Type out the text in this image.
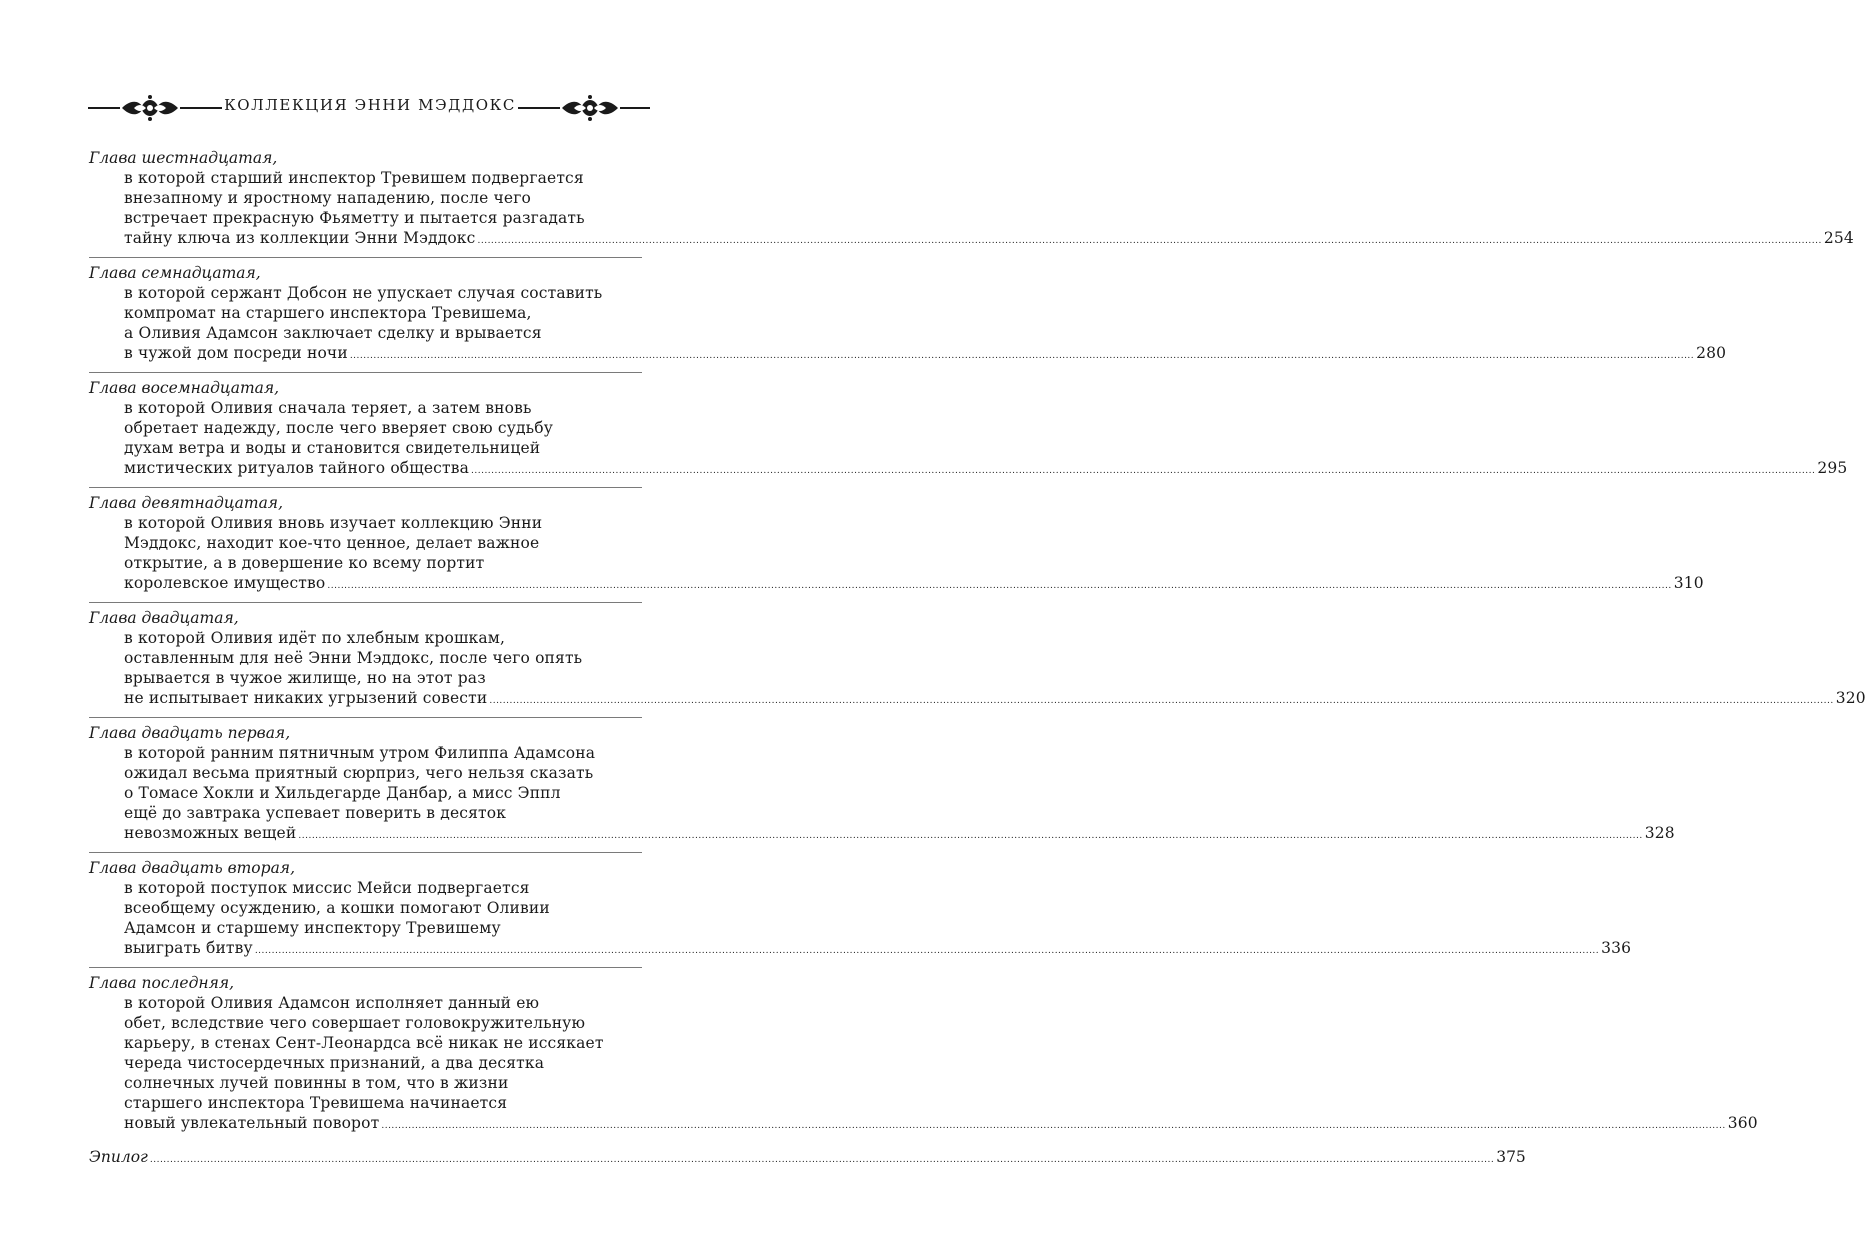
КОЛЛЕКЦИЯ ЭННИ МЭДДОКС
Глава шестнадцатая,
в которой старший инспектор Тревишем подвергается
внезапному и яростному нападению, после чего
встречает прекрасную Фьяметту и пытается разгадать
тайну ключа из коллекции Энни Мэддокс ................................................................................................................................................................................................................................................................................................................................................................................................................ 254
Глава семнадцатая,
в которой сержант Добсон не упускает случая составить
компромат на старшего инспектора Тревишема,
а Оливия Адамсон заключает сделку и врывается
в чужой дом посреди ночи ................................................................................................................................................................................................................................................................................................................................................................................................................ 280
Глава восемнадцатая,
в которой Оливия сначала теряет, а затем вновь
обретает надежду, после чего вверяет свою судьбу
духам ветра и воды и становится свидетельницей
мистических ритуалов тайного общества ................................................................................................................................................................................................................................................................................................................................................................................................................ 295
Глава девятнадцатая,
в которой Оливия вновь изучает коллекцию Энни
Мэддокс, находит кое-что ценное, делает важное
открытие, а в довершение ко всему портит
королевское имущество ................................................................................................................................................................................................................................................................................................................................................................................................................ 310
Глава двадцатая,
в которой Оливия идёт по хлебным крошкам,
оставленным для неё Энни Мэддокс, после чего опять
врывается в чужое жилище, но на этот раз
не испытывает никаких угрызений совести ................................................................................................................................................................................................................................................................................................................................................................................................................ 320
Глава двадцать первая,
в которой ранним пятничным утром Филиппа Адамсона
ожидал весьма приятный сюрприз, чего нельзя сказать
о Томасе Хокли и Хильдегарде Данбар, а мисс Эппл
ещё до завтрака успевает поверить в десяток
невозможных вещей ................................................................................................................................................................................................................................................................................................................................................................................................................ 328
Глава двадцать вторая,
в которой поступок миссис Мейси подвергается
всеобщему осуждению, а кошки помогают Оливии
Адамсон и старшему инспектору Тревишему
выиграть битву ................................................................................................................................................................................................................................................................................................................................................................................................................ 336
Глава последняя,
в которой Оливия Адамсон исполняет данный ею
обет, вследствие чего совершает головокружительную
карьеру, в стенах Сент-Леонардса всё никак не иссякает
череда чистосердечных признаний, а два десятка
солнечных лучей повинны в том, что в жизни
старшего инспектора Тревишема начинается
новый увлекательный поворот ................................................................................................................................................................................................................................................................................................................................................................................................................ 360
Эпилог ................................................................................................................................................................................................................................................................................................................................................................................................................ 375
